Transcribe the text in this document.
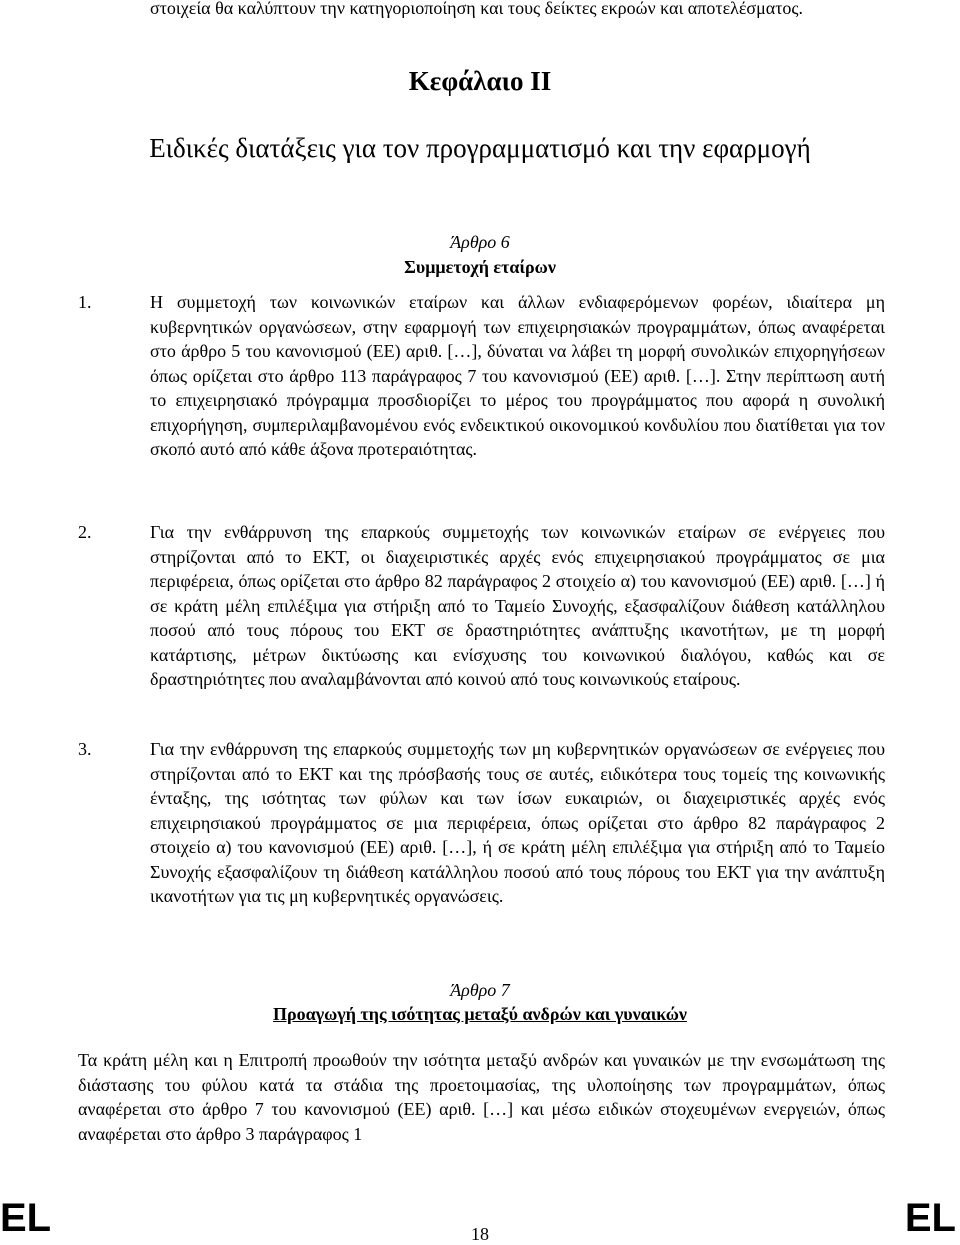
στοιχεία θα καλύπτουν την κατηγοριοποίηση και τους δείκτες εκροών και αποτελέσματος.
Κεφάλαιο ΙΙ
Ειδικές διατάξεις για τον προγραμματισμό και την εφαρμογή
Άρθρο 6
Συμμετοχή εταίρων
1.	Η συμμετοχή των κοινωνικών εταίρων και άλλων ενδιαφερόμενων φορέων, ιδιαίτερα μη κυβερνητικών οργανώσεων, στην εφαρμογή των επιχειρησιακών προγραμμάτων, όπως αναφέρεται στο άρθρο 5 του κανονισμού (ΕΕ) αριθ. […], δύναται να λάβει τη μορφή συνολικών επιχορηγήσεων όπως ορίζεται στο άρθρο 113 παράγραφος 7 του κανονισμού (ΕΕ) αριθ. […]. Στην περίπτωση αυτή το επιχειρησιακό πρόγραμμα προσδιορίζει το μέρος του προγράμματος που αφορά η συνολική επιχορήγηση, συμπεριλαμβανομένου ενός ενδεικτικού οικονομικού κονδυλίου που διατίθεται για τον σκοπό αυτό από κάθε άξονα προτεραιότητας.
2.	Για την ενθάρρυνση της επαρκούς συμμετοχής των κοινωνικών εταίρων σε ενέργειες που στηρίζονται από το ΕΚΤ, οι διαχειριστικές αρχές ενός επιχειρησιακού προγράμματος σε μια περιφέρεια, όπως ορίζεται στο άρθρο 82 παράγραφος 2 στοιχείο α) του κανονισμού (ΕΕ) αριθ. […] ή σε κράτη μέλη επιλέξιμα για στήριξη από το Ταμείο Συνοχής, εξασφαλίζουν διάθεση κατάλληλου ποσού από τους πόρους του ΕΚΤ σε δραστηριότητες ανάπτυξης ικανοτήτων, με τη μορφή κατάρτισης, μέτρων δικτύωσης και ενίσχυσης του κοινωνικού διαλόγου, καθώς και σε δραστηριότητες που αναλαμβάνονται από κοινού από τους κοινωνικούς εταίρους.
3.	Για την ενθάρρυνση της επαρκούς συμμετοχής των μη κυβερνητικών οργανώσεων σε ενέργειες που στηρίζονται από το ΕΚΤ και της πρόσβασής τους σε αυτές, ειδικότερα τους τομείς της κοινωνικής ένταξης, της ισότητας των φύλων και των ίσων ευκαιριών, οι διαχειριστικές αρχές ενός επιχειρησιακού προγράμματος σε μια περιφέρεια, όπως ορίζεται στο άρθρο 82 παράγραφος 2 στοιχείο α) του κανονισμού (ΕΕ) αριθ. […], ή σε κράτη μέλη επιλέξιμα για στήριξη από το Ταμείο Συνοχής εξασφαλίζουν τη διάθεση κατάλληλου ποσού από τους πόρους του ΕΚΤ για την ανάπτυξη ικανοτήτων για τις μη κυβερνητικές οργανώσεις.
Άρθρο 7
Προαγωγή της ισότητας μεταξύ ανδρών και γυναικών
Τα κράτη μέλη και η Επιτροπή προωθούν την ισότητα μεταξύ ανδρών και γυναικών με την ενσωμάτωση της διάστασης του φύλου κατά τα στάδια της προετοιμασίας, της υλοποίησης των προγραμμάτων, όπως αναφέρεται στο άρθρο 7 του κανονισμού (ΕΕ) αριθ. […] και μέσω ειδικών στοχευμένων ενεργειών, όπως αναφέρεται στο άρθρο 3 παράγραφος 1
EL	18	EL
